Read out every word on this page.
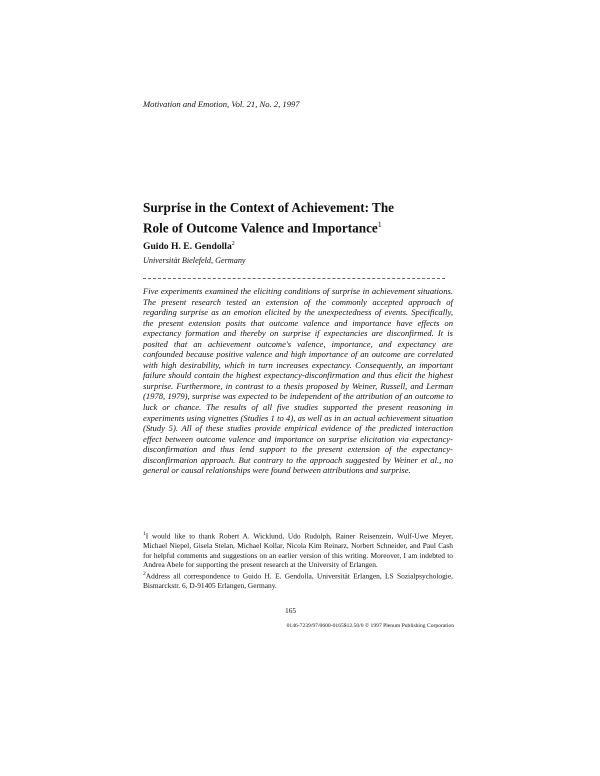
Motivation and Emotion, Vol. 21, No. 2, 1997
Surprise in the Context of Achievement: The
Role of Outcome Valence and Importance$^1$
Guido H. E. Gendolla$^2$
Universität Bielefeld, Germany
Five experiments examined the eliciting conditions of surprise in achievement situations. The present research tested an extension of the commonly accepted approach of regarding surprise as an emotion elicited by the unexpectedness of events. Specifically, the present extension posits that outcome valence and importance have effects on expectancy formation and thereby on surprise if expectancies are disconfirmed. It is posited that an achievement outcome's valence, importance, and expectancy are confounded because positive valence and high importance of an outcome are correlated with high desirability, which in turn increases expectancy. Consequently, an important failure should contain the highest expectancy-disconfirmation and thus elicit the highest surprise. Furthermore, in contrast to a thesis proposed by Weiner, Russell, and Lerman (1978, 1979), surprise was expected to be independent of the attribution of an outcome to luck or chance. The results of all five studies supported the present reasoning in experiments using vignettes (Studies 1 to 4), as well as in an actual achievement situation (Study 5). All of these studies provide empirical evidence of the predicted interaction effect between outcome valence and importance on surprise elicitation via expectancy-disconfirmation and thus lend support to the present extension of the expectancy-disconfirmation approach. But contrary to the approach suggested by Weiner et al., no general or causal relationships were found between attributions and surprise.

$^1$I would like to thank Robert A. Wicklund, Udo Rudolph, Rainer Reisenzein, Wulf-Uwe Meyer, Michael Niepel, Gisela Stelan, Michael Kollar, Nicola Kim Reinarz, Norbert Schneider, and Paul Cash for helpful comments and suggestions on an earlier version of this writing. Moreover, I am indebted to Andrea Abele for supporting the present research at the University of Erlangen.

$^2$Address all correspondence to Guido H. E. Gendolla, Universität Erlangen, LS Sozialpsychologie, Bismarckstr. 6, D-91405 Erlangen, Germany.

165
0146-7239/97/0600-0165$12.50/0 © 1997 Plenum Publishing Corporation
